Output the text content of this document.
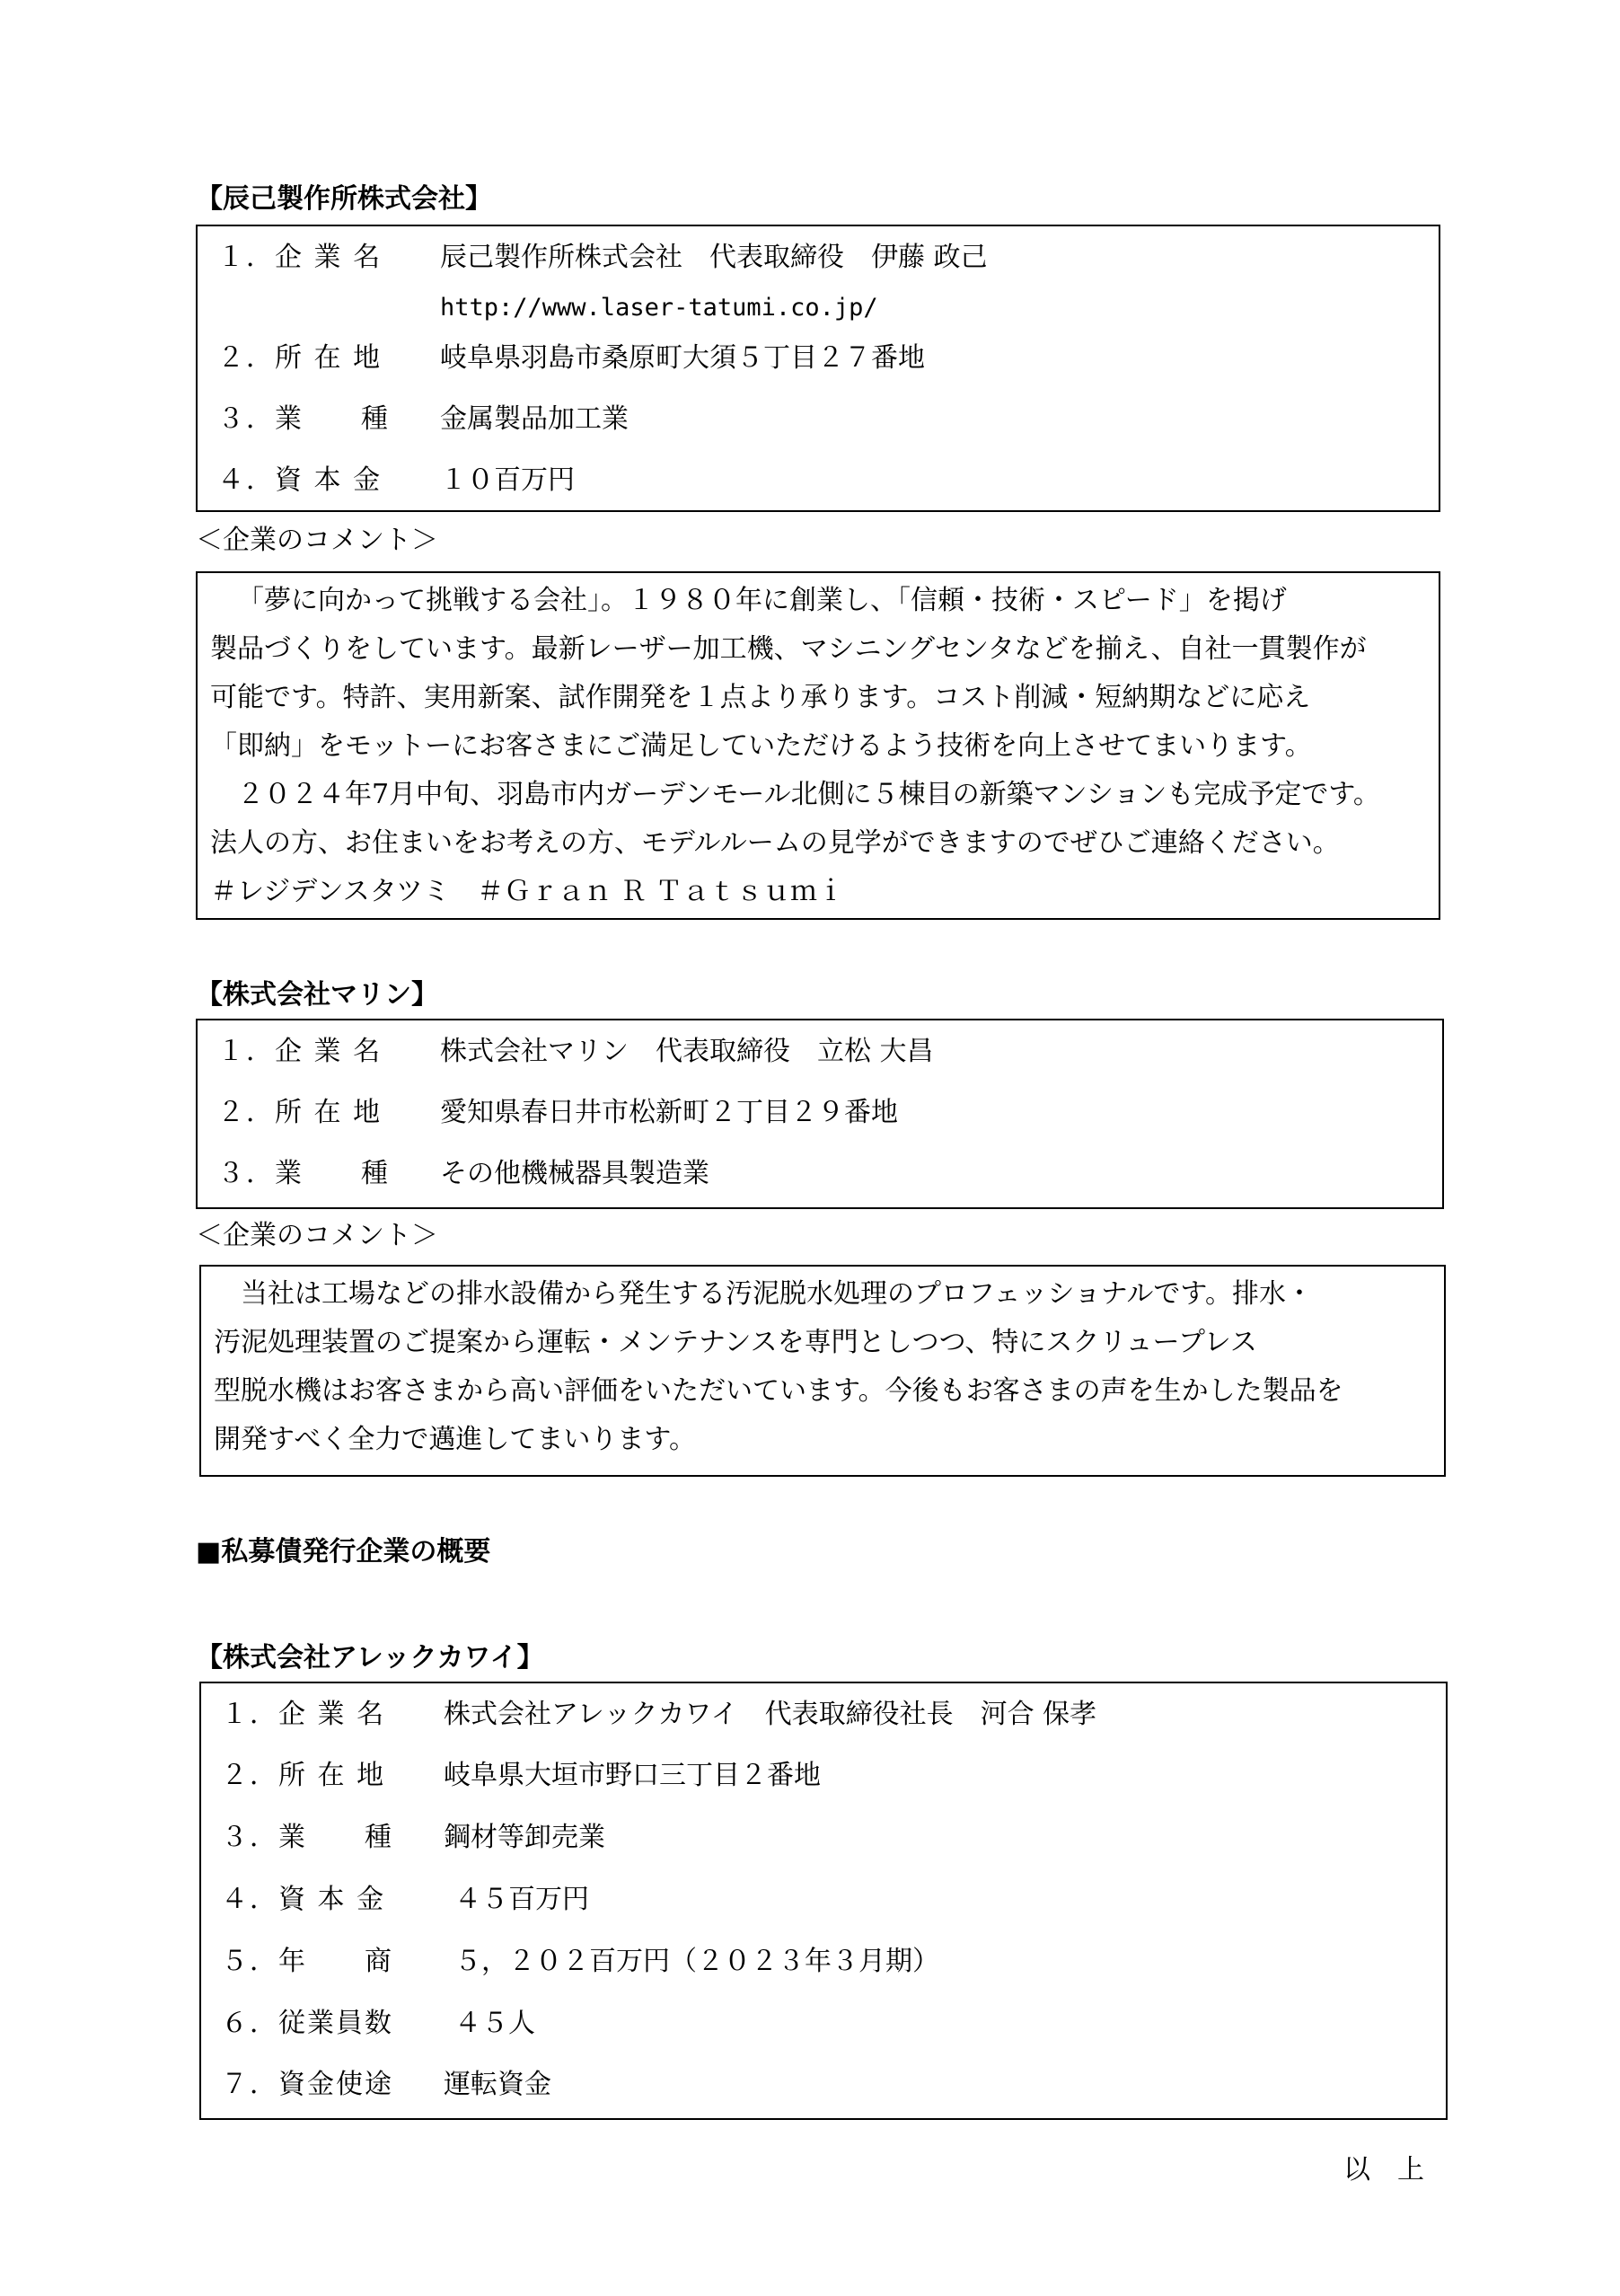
【辰己製作所株式会社】
１．企 業 名 辰己製作所株式会社　代表取締役　伊藤 政己
http://www.laser-tatumi.co.jp/
２．所 在 地 岐阜県羽島市桑原町大須５丁目２７番地
３．業　　種 金属製品加工業
４．資 本 金 １０百万円
＜企業のコメント＞
「夢に向かって挑戦する会社」。１９８０年に創業し、「信頼・技術・スピード」を掲げ
製品づくりをしています。最新レーザー加工機、マシニングセンタなどを揃え、自社一貫製作が
可能です。特許、実用新案、試作開発を１点より承ります。コスト削減・短納期などに応え
「即納」をモットーにお客さまにご満足していただけるよう技術を向上させてまいります。
２０２４年7月中旬、羽島市内ガーデンモール北側に５棟目の新築マンションも完成予定です。
法人の方、お住まいをお考えの方、モデルルームの見学ができますのでぜひご連絡ください。
＃レジデンスタツミ　＃Ｇｒａｎ Ｒ Ｔａｔｓｕｍｉ
【株式会社マリン】
１．企 業 名 株式会社マリン　代表取締役　立松 大昌
２．所 在 地 愛知県春日井市松新町２丁目２９番地
３．業　　種 その他機械器具製造業
＜企業のコメント＞
当社は工場などの排水設備から発生する汚泥脱水処理のプロフェッショナルです。排水・
汚泥処理装置のご提案から運転・メンテナンスを専門としつつ、特にスクリュープレス
型脱水機はお客さまから高い評価をいただいています。今後もお客さまの声を生かした製品を
開発すべく全力で邁進してまいります。
■私募債発行企業の概要
【株式会社アレックカワイ】
１．企 業 名 株式会社アレックカワイ　代表取締役社長　河合 保孝
２．所 在 地 岐阜県大垣市野口三丁目２番地
３．業　　種 鋼材等卸売業
４．資 本 金	４５百万円
５．年　　商 ５，２０２百万円（２０２３年３月期）
６．従業員数 ４５人
７．資金使途 運転資金
以　上
